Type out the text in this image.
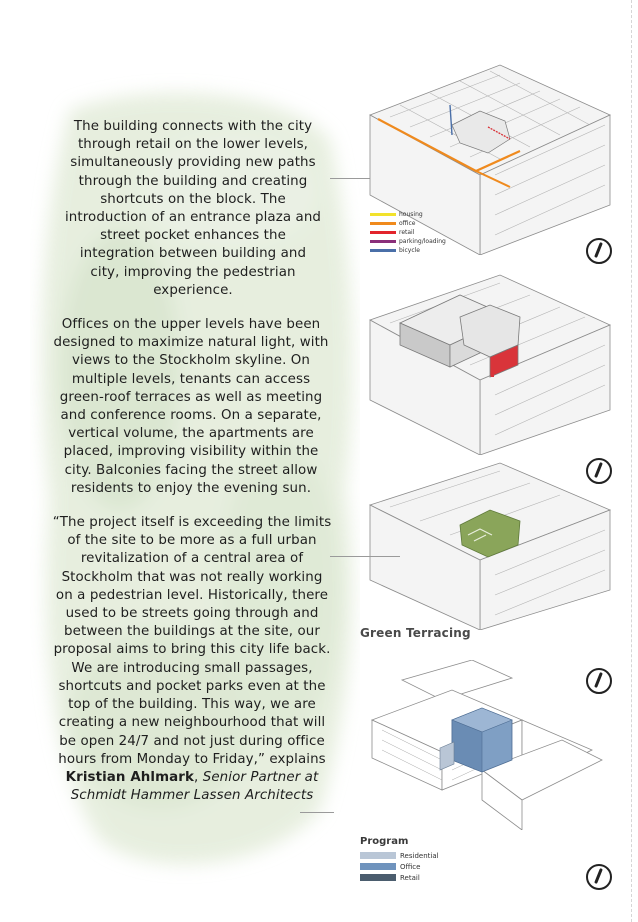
The building connects with the city through retail on the lower levels, simultaneously providing new paths through the building and creating shortcuts on the block. The introduction of an entrance plaza and street pocket enhances the integration between building and city, improving the pedestrian experience.

Offices on the upper levels have been designed to maximize natural light, with views to the Stockholm skyline. On multiple levels, tenants can access green-roof terraces as well as meeting and conference rooms. On a separate, vertical volume, the apartments are placed, improving visibility within the city. Balconies facing the street allow residents to enjoy the evening sun.

“The project itself is exceeding the limits of the site to be more as a full urban revitalization of a central area of Stockholm that was not really working on a pedestrian level. Historically, there used to be streets going through and between the buildings at the site, our proposal aims to bring this city life back. We are introducing small passages, shortcuts and pocket parks even at the top of the building. This way, we are creating a new neighbourhood that will be open 24/7 and not just during office hours from Monday to Friday,” explains Kristian Ahlmark, Senior Partner at Schmidt Hammer Lassen Architects

housing
office
retail
parking/loading
bicycle
Green Terracing
Program
Residential
Office
Retail
